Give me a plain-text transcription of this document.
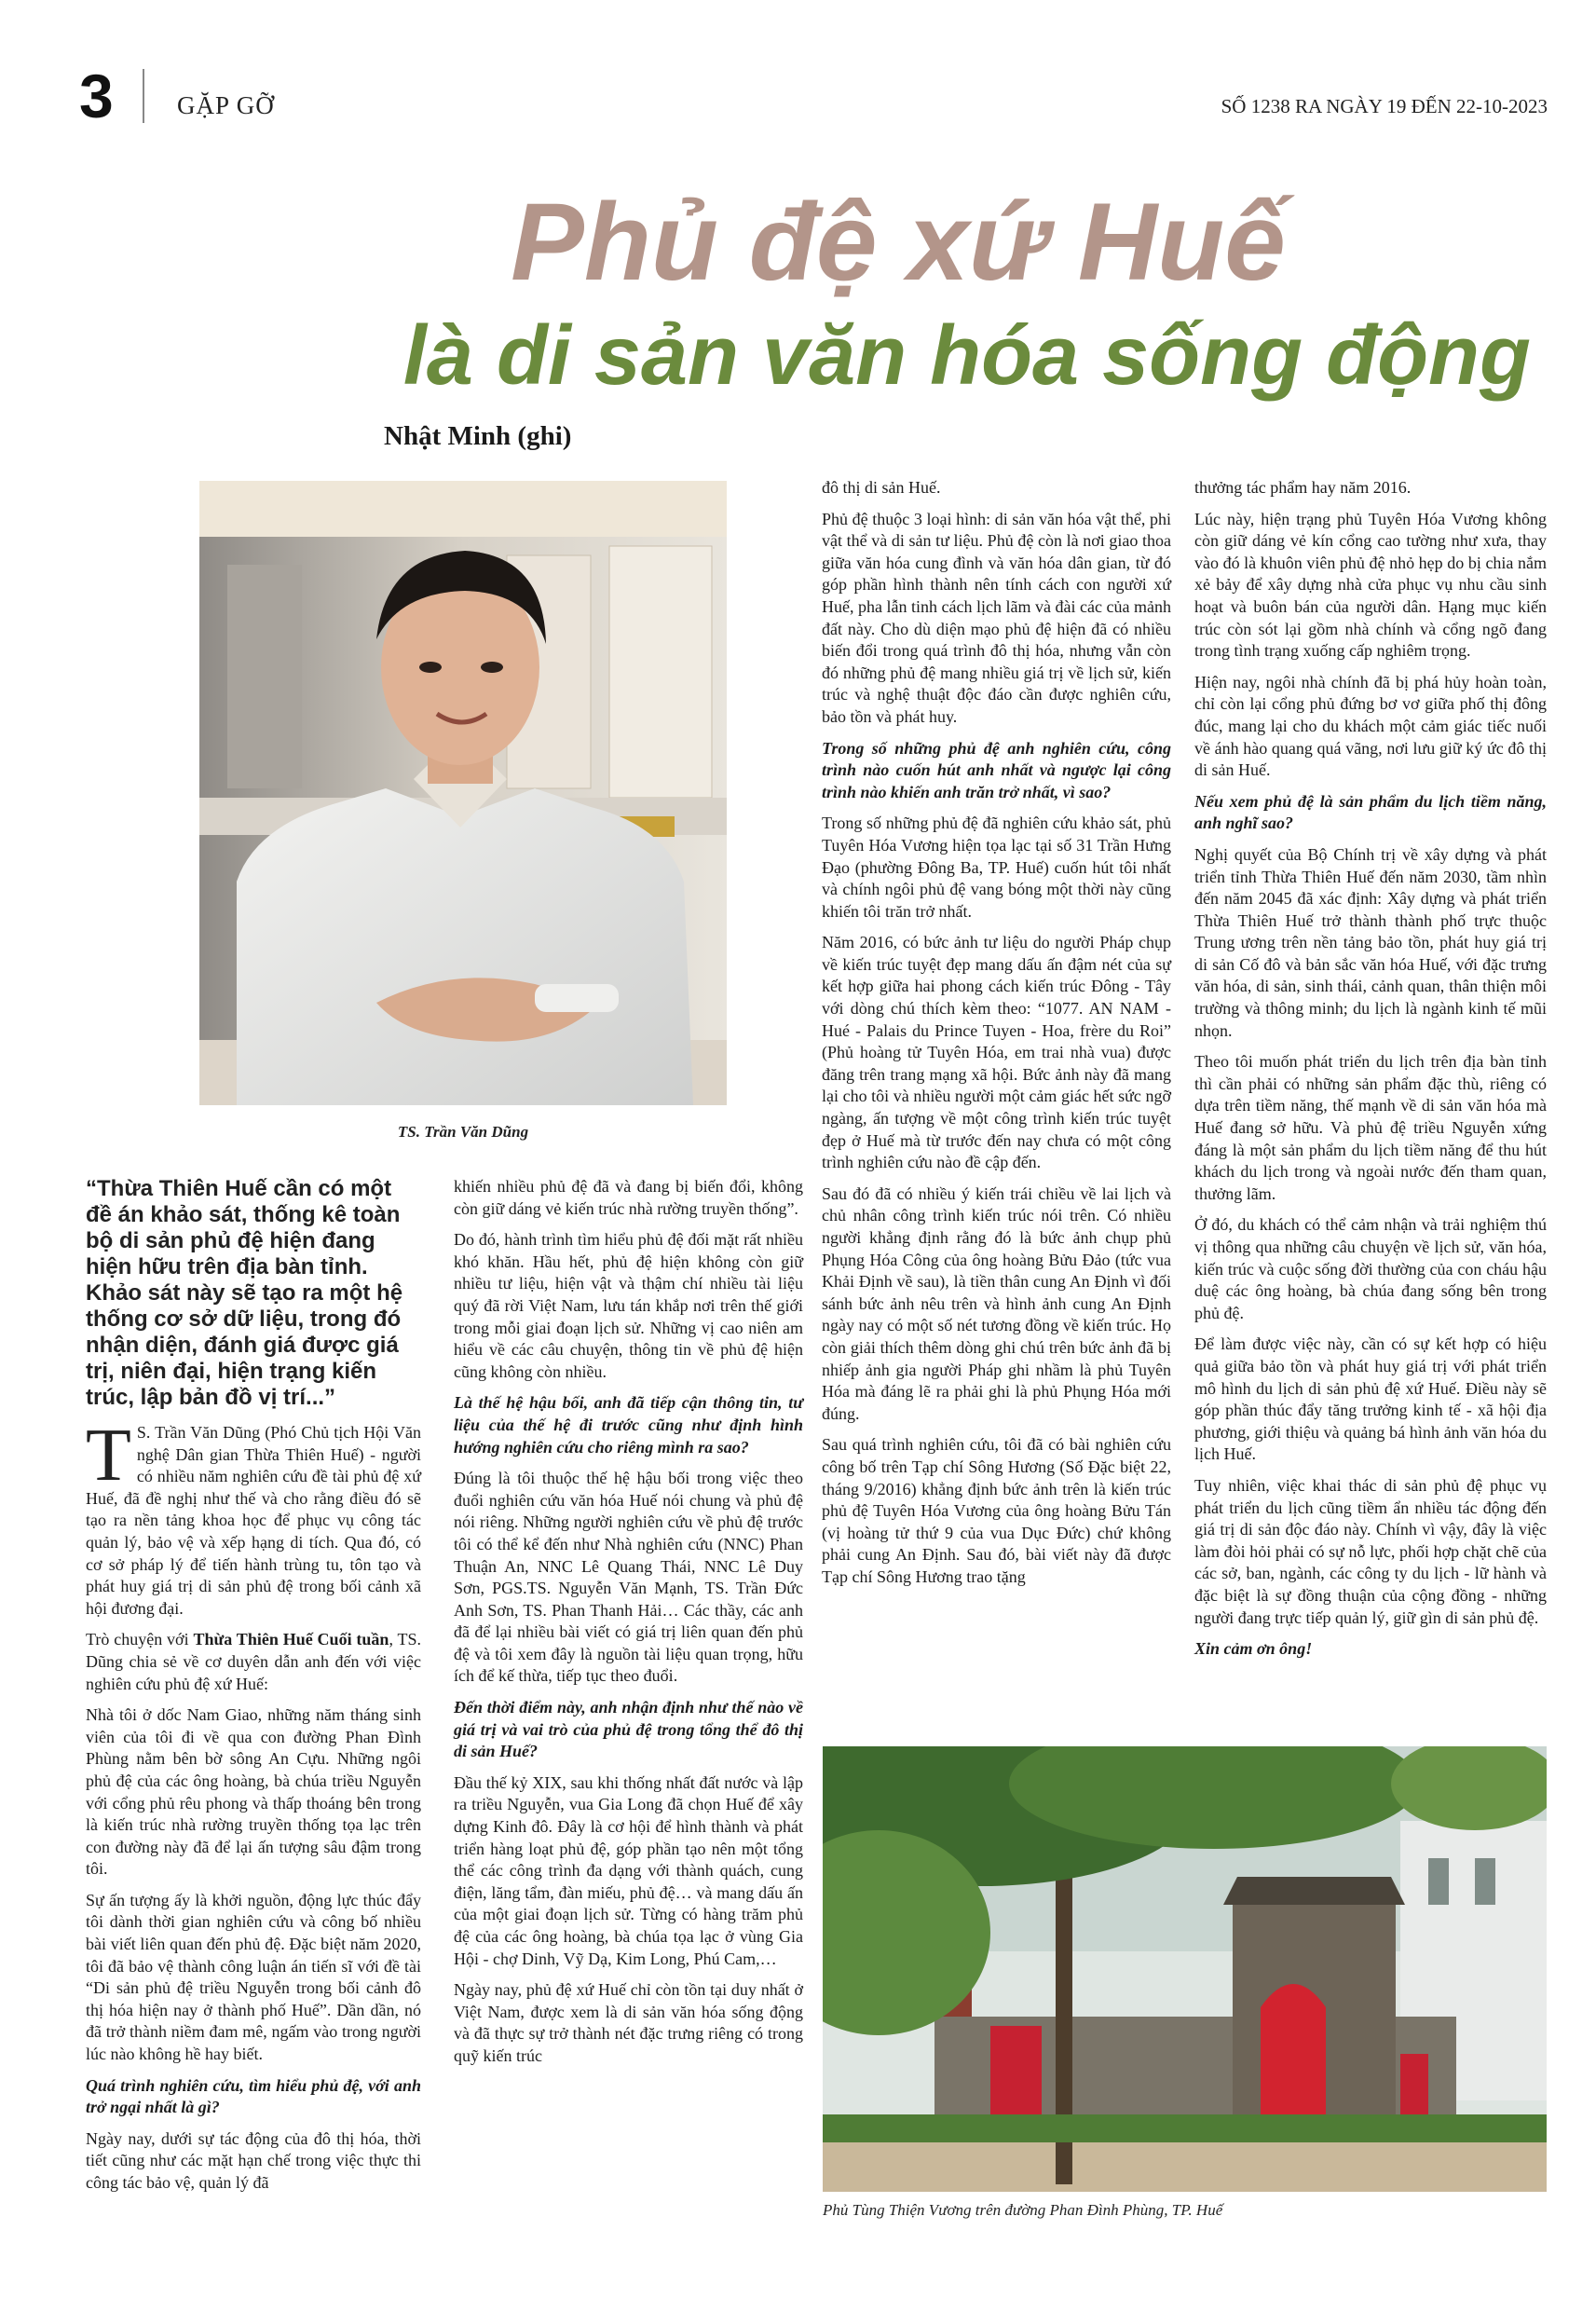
3	GẶP GỠ	SỐ 1238 RA NGÀY 19 ĐẾN 22-10-2023
Phủ đệ xứ Huế
là di sản văn hóa sống động
Nhật Minh (ghi)
TS. Trần Văn Dũng
“Thừa Thiên Huế cần có một đề án khảo sát, thống kê toàn bộ di sản phủ đệ hiện đang hiện hữu trên địa bàn tỉnh. Khảo sát này sẽ tạo ra một hệ thống cơ sở dữ liệu, trong đó nhận diện, đánh giá được giá trị, niên đại, hiện trạng kiến trúc, lập bản đồ vị trí...”

T S. Trần Văn Dũng (Phó Chủ tịch Hội Văn nghệ Dân gian Thừa Thiên Huế) - người có nhiều năm nghiên cứu đề tài phủ đệ xứ Huế, đã đề nghị như thế và cho rằng điều đó sẽ tạo ra nền tảng khoa học để phục vụ công tác quản lý, bảo vệ và xếp hạng di tích. Qua đó, có cơ sở pháp lý để tiến hành trùng tu, tôn tạo và phát huy giá trị di sản phủ đệ trong bối cảnh xã hội đương đại.

Trò chuyện với Thừa Thiên Huế Cuối tuần, TS. Dũng chia sẻ về cơ duyên dẫn anh đến với việc nghiên cứu phủ đệ xứ Huế:

Nhà tôi ở dốc Nam Giao, những năm tháng sinh viên của tôi đi về qua con đường Phan Đình Phùng nằm bên bờ sông An Cựu. Những ngôi phủ đệ của các ông hoàng, bà chúa triều Nguyễn với cổng phủ rêu phong và thấp thoáng bên trong là kiến trúc nhà rường truyền thống tọa lạc trên con đường này đã để lại ấn tượng sâu đậm trong tôi.

Sự ấn tượng ấy là khởi nguồn, động lực thúc đẩy tôi dành thời gian nghiên cứu và công bố nhiều bài viết liên quan đến phủ đệ. Đặc biệt năm 2020, tôi đã bảo vệ thành công luận án tiến sĩ với đề tài “Di sản phủ đệ triều Nguyễn trong bối cảnh đô thị hóa hiện nay ở thành phố Huế”. Dần dần, nó đã trở thành niềm đam mê, ngấm vào trong người lúc nào không hề hay biết.

Quá trình nghiên cứu, tìm hiểu phủ đệ, với anh trở ngại nhất là gì?

Ngày nay, dưới sự tác động của đô thị hóa, thời tiết cũng như các mặt hạn chế trong việc thực thi công tác bảo vệ, quản lý đã

khiến nhiều phủ đệ đã và đang bị biến đổi, không còn giữ dáng vẻ kiến trúc nhà rường truyền thống”.

Do đó, hành trình tìm hiểu phủ đệ đối mặt rất nhiều khó khăn. Hầu hết, phủ đệ hiện không còn giữ nhiều tư liệu, hiện vật và thậm chí nhiều tài liệu quý đã rời Việt Nam, lưu tán khắp nơi trên thế giới trong mỗi giai đoạn lịch sử. Những vị cao niên am hiểu về các câu chuyện, thông tin về phủ đệ hiện cũng không còn nhiều.

Là thế hệ hậu bối, anh đã tiếp cận thông tin, tư liệu của thế hệ đi trước cũng như định hình hướng nghiên cứu cho riêng mình ra sao?

Đúng là tôi thuộc thế hệ hậu bối trong việc theo đuổi nghiên cứu văn hóa Huế nói chung và phủ đệ nói riêng. Những người nghiên cứu về phủ đệ trước tôi có thể kể đến như Nhà nghiên cứu (NNC) Phan Thuận An, NNC Lê Quang Thái, NNC Lê Duy Sơn, PGS.TS. Nguyễn Văn Mạnh, TS. Trần Đức Anh Sơn, TS. Phan Thanh Hải… Các thầy, các anh đã để lại nhiều bài viết có giá trị liên quan đến phủ đệ và tôi xem đây là nguồn tài liệu quan trọng, hữu ích để kế thừa, tiếp tục theo đuổi.

Đến thời điểm này, anh nhận định như thế nào về giá trị và vai trò của phủ đệ trong tổng thể đô thị di sản Huế?

Đầu thế kỷ XIX, sau khi thống nhất đất nước và lập ra triều Nguyễn, vua Gia Long đã chọn Huế để xây dựng Kinh đô. Đây là cơ hội để hình thành và phát triển hàng loạt phủ đệ, góp phần tạo nên một tổng thể các công trình đa dạng với thành quách, cung điện, lăng tẩm, đàn miếu, phủ đệ… và mang dấu ấn của một giai đoạn lịch sử. Từng có hàng trăm phủ đệ của các ông hoàng, bà chúa tọa lạc ở vùng Gia Hội - chợ Dinh, Vỹ Dạ, Kim Long, Phú Cam,…

Ngày nay, phủ đệ xứ Huế chỉ còn tồn tại duy nhất ở Việt Nam, được xem là di sản văn hóa sống động và đã thực sự trở thành nét đặc trưng riêng có trong quỹ kiến trúc

đô thị di sản Huế.

Phủ đệ thuộc 3 loại hình: di sản văn hóa vật thể, phi vật thể và di sản tư liệu. Phủ đệ còn là nơi giao thoa giữa văn hóa cung đình và văn hóa dân gian, từ đó góp phần hình thành nên tính cách con người xứ Huế, pha lẫn tinh cách lịch lãm và đài các của mảnh đất này. Cho dù diện mạo phủ đệ hiện đã có nhiều biến đổi trong quá trình đô thị hóa, nhưng vẫn còn đó những phủ đệ mang nhiều giá trị về lịch sử, kiến trúc và nghệ thuật độc đáo cần được nghiên cứu, bảo tồn và phát huy.

Trong số những phủ đệ anh nghiên cứu, công trình nào cuốn hút anh nhất và ngược lại công trình nào khiến anh trăn trở nhất, vì sao?

Trong số những phủ đệ đã nghiên cứu khảo sát, phủ Tuyên Hóa Vương hiện tọa lạc tại số 31 Trần Hưng Đạo (phường Đông Ba, TP. Huế) cuốn hút tôi nhất và chính ngôi phủ đệ vang bóng một thời này cũng khiến tôi trăn trở nhất.

Năm 2016, có bức ảnh tư liệu do người Pháp chụp về kiến trúc tuyệt đẹp mang dấu ấn đậm nét của sự kết hợp giữa hai phong cách kiến trúc Đông - Tây với dòng chú thích kèm theo: “1077. AN NAM - Hué - Palais du Prince Tuyen - Hoa, frère du Roi” (Phủ hoàng tử Tuyên Hóa, em trai nhà vua) được đăng trên trang mạng xã hội. Bức ảnh này đã mang lại cho tôi và nhiều người một cảm giác hết sức ngỡ ngàng, ấn tượng về một công trình kiến trúc tuyệt đẹp ở Huế mà từ trước đến nay chưa có một công trình nghiên cứu nào đề cập đến.

Sau đó đã có nhiều ý kiến trái chiều về lai lịch và chủ nhân công trình kiến trúc nói trên. Có nhiều người khẳng định rằng đó là bức ảnh chụp phủ Phụng Hóa Công của ông hoàng Bửu Đảo (tức vua Khải Định về sau), là tiền thân cung An Định vì đối sánh bức ảnh nêu trên và hình ảnh cung An Định ngày nay có một số nét tương đồng về kiến trúc. Họ còn giải thích thêm dòng ghi chú trên bức ảnh đã bị nhiếp ảnh gia người Pháp ghi nhầm là phủ Tuyên Hóa mà đáng lẽ ra phải ghi là phủ Phụng Hóa mới đúng.

Sau quá trình nghiên cứu, tôi đã có bài nghiên cứu công bố trên Tạp chí Sông Hương (Số Đặc biệt 22, tháng 9/2016) khẳng định bức ảnh trên là kiến trúc phủ đệ Tuyên Hóa Vương của ông hoàng Bửu Tán (vị hoàng tử thứ 9 của vua Dục Đức) chứ không phải cung An Định. Sau đó, bài viết này đã được Tạp chí Sông Hương trao tặng

thưởng tác phẩm hay năm 2016.

Lúc này, hiện trạng phủ Tuyên Hóa Vương không còn giữ dáng vẻ kín cổng cao tường như xưa, thay vào đó là khuôn viên phủ đệ nhỏ hẹp do bị chia nắm xẻ bảy để xây dựng nhà cửa phục vụ nhu cầu sinh hoạt và buôn bán của người dân. Hạng mục kiến trúc còn sót lại gồm nhà chính và cổng ngõ đang trong tình trạng xuống cấp nghiêm trọng.

Hiện nay, ngôi nhà chính đã bị phá hủy hoàn toàn, chỉ còn lại cổng phủ đứng bơ vơ giữa phố thị đông đúc, mang lại cho du khách một cảm giác tiếc nuối về ánh hào quang quá vãng, nơi lưu giữ ký ức đô thị di sản Huế.

Nếu xem phủ đệ là sản phẩm du lịch tiềm năng, anh nghĩ sao?

Nghị quyết của Bộ Chính trị về xây dựng và phát triển tỉnh Thừa Thiên Huế đến năm 2030, tầm nhìn đến năm 2045 đã xác định: Xây dựng và phát triển Thừa Thiên Huế trở thành thành phố trực thuộc Trung ương trên nền tảng bảo tồn, phát huy giá trị di sản Cố đô và bản sắc văn hóa Huế, với đặc trưng văn hóa, di sản, sinh thái, cảnh quan, thân thiện môi trường và thông minh; du lịch là ngành kinh tế mũi nhọn.

Theo tôi muốn phát triển du lịch trên địa bàn tỉnh thì cần phải có những sản phẩm đặc thù, riêng có dựa trên tiềm năng, thế mạnh về di sản văn hóa mà Huế đang sở hữu. Và phủ đệ triều Nguyễn xứng đáng là một sản phẩm du lịch tiềm năng để thu hút khách du lịch trong và ngoài nước đến tham quan, thưởng lãm.

Ở đó, du khách có thể cảm nhận và trải nghiệm thú vị thông qua những câu chuyện về lịch sử, văn hóa, kiến trúc và cuộc sống đời thường của con cháu hậu duệ các ông hoàng, bà chúa đang sống bên trong phủ đệ.

Để làm được việc này, cần có sự kết hợp có hiệu quả giữa bảo tồn và phát huy giá trị với phát triển mô hình du lịch di sản phủ đệ xứ Huế. Điều này sẽ góp phần thúc đẩy tăng trưởng kinh tế - xã hội địa phương, giới thiệu và quảng bá hình ảnh văn hóa du lịch Huế.

Tuy nhiên, việc khai thác di sản phủ đệ phục vụ phát triển du lịch cũng tiềm ẩn nhiều tác động đến giá trị di sản độc đáo này. Chính vì vậy, đây là việc làm đòi hỏi phải có sự nỗ lực, phối hợp chặt chẽ của các sở, ban, ngành, các công ty du lịch - lữ hành và đặc biệt là sự đồng thuận của cộng đồng - những người đang trực tiếp quản lý, giữ gìn di sản phủ đệ.

Xin cảm ơn ông!

Phủ Tùng Thiện Vương trên đường Phan Đình Phùng, TP. Huế
